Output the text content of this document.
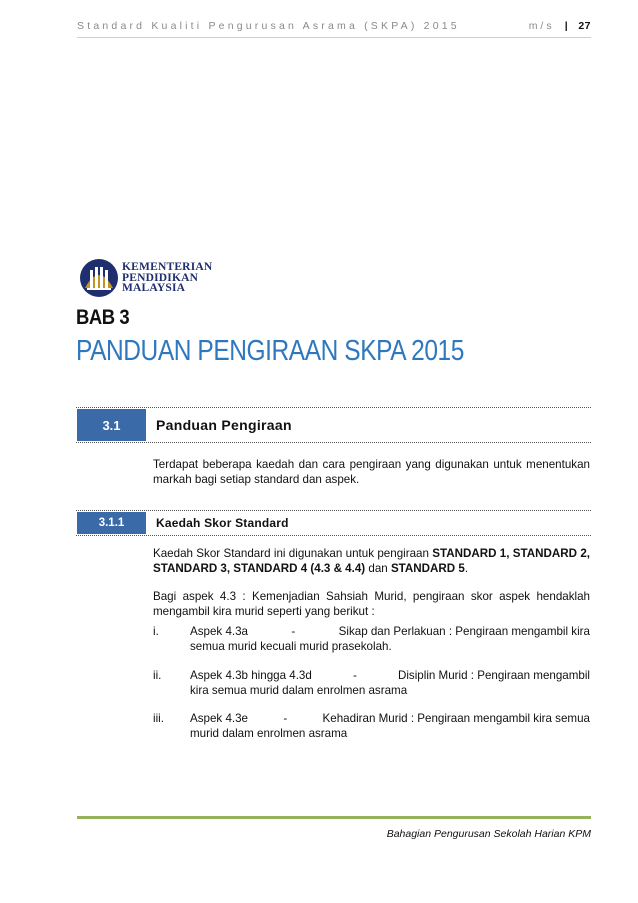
Standard Kualiti Pengurusan Asrama (SKPA) 2015	m/s | 27
KEMENTERIAN
PENDIDIKAN
MALAYSIA
BAB 3
PANDUAN PENGIRAAN SKPA 2015
3.1	Panduan Pengiraan
Terdapat beberapa kaedah dan cara pengiraan yang digunakan untuk menentukan markah bagi setiap standard dan aspek.
3.1.1	Kaedah Skor Standard
Kaedah Skor Standard ini digunakan untuk pengiraan STANDARD 1, STANDARD 2, STANDARD 3, STANDARD 4 (4.3 & 4.4) dan STANDARD 5.
Bagi aspek 4.3 : Kemenjadian Sahsiah Murid, pengiraan skor aspek hendaklah mengambil kira murid seperti yang berikut :
i.	Aspek 4.3a	-	Sikap dan Perlakuan : Pengiraan mengambil kira
semua murid kecuali murid prasekolah.
ii. Aspek 4.3b hingga 4.3d	-	Disiplin Murid : Pengiraan mengambil
kira semua murid dalam enrolmen asrama
iii. Aspek 4.3e	-	Kehadiran Murid : Pengiraan mengambil kira semua
murid dalam enrolmen asrama
Bahagian Pengurusan Sekolah Harian KPM
